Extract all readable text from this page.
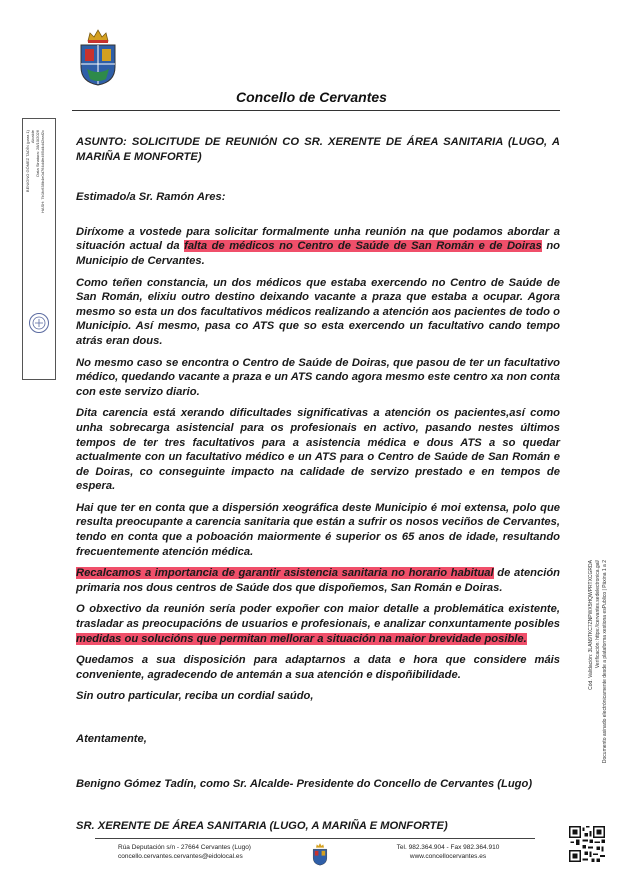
Concello de Cervantes
BENIGNO GÓMEZ TADÍN (para 1) Alcalde Data Sinatura: 28/10/2026 HASH: 7b1fc638b4e0d764d4fe465d4d42eaf2c	ASUNTO: SOLICITUDE DE REUNIÓN CO SR. XERENTE DE ÁREA SANITARIA (LUGO, A MARIÑA E MONFORTE)

Estimado/a Sr. Ramón Ares:

Diríxome a vostede para solicitar formalmente unha reunión na que podamos abordar a situación actual da falta de médicos no Centro de Saúde de San Román e de Doiras no Municipio de Cervantes.

Como teñen constancia, un dos médicos que estaba exercendo no Centro de Saúde de San Román, elixiu outro destino deixando vacante a praza que estaba a ocupar. Agora mesmo so esta un dos facultativos médicos realizando a atención aos pacientes de todo o Municipio. Así mesmo, pasa co ATS que so esta exercendo un facultativo cando tempo atrás eran dous.

No mesmo caso se encontra o Centro de Saúde de Doiras, que pasou de ter un facultativo médico, quedando vacante a praza e un ATS cando agora mesmo este centro xa non conta con este servizo diario.

Dita carencia está xerando dificultades significativas a atención os pacientes,así como unha sobrecarga asistencial para os profesionais en activo, pasando nestes últimos tempos de ter tres facultativos para a asistencia médica e dous ATS a so quedar actualmente con un facultativo médico e un ATS para o Centro de Saúde de San Román e de Doiras, co conseguinte impacto na calidade de servizo prestado e en tempos de espera.

Hai que ter en conta que a dispersión xeográfica deste Municipio é moi extensa, polo que resulta preocupante a carencia sanitaria que están a sufrir os nosos veciños de Cervantes, tendo en conta que a poboación maiormente é superior os 65 anos de idade, resultando frecuentemente atención médica.

Recalcamos a importancia de garantir asistencia sanitaria no horario habitual de atención primaria nos dous centros de Saúde dos que dispoñemos, San Román e Doiras.

O obxectivo da reunión sería poder expoñer con maior detalle a problemática existente, trasladar as preocupacións de usuarios e profesionais, e analizar conxuntamente posibles medidas ou solucións que permitan mellorar a situación na maior brevidade posible.

Quedamos a sua disposición para adaptarnos a data e hora que considere máis conveniente, agradecendo de antemán a sua atención e dispoñibilidade.

Sin outro particular, reciba un cordial saúdo,

Atentamente,

Benigno Gómez Tadín, como Sr. Alcalde- Presidente do Concello de Cervantes (Lugo)

SR. XERENTE DE ÁREA SANITARIA (LUGO, A MARIÑA E MONFORTE)

Rúa Deputación s/n - 27664 Cervantes (Lugo)
concello.cervantes.cervantes@eidolocal.es
Tel. 982.364.904 - Fax 982.364.910
www.concellocervantes.es
Cód. Validación: 3LAN9TKC7ZNPWX5HQWPRTXCGRDA Verificación: https://cervantes.sedelectronica.gal/ Documento asinado electrónicamente desde a plataforma xestiona esPublico | Páxina 1 a 2
